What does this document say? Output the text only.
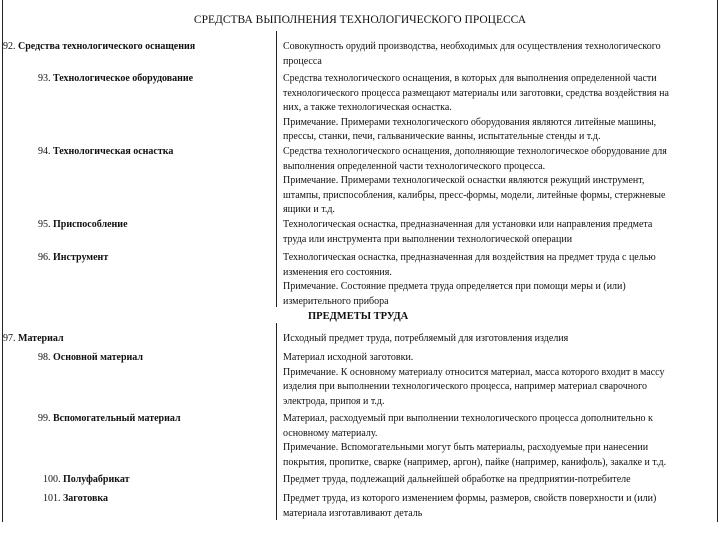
СРЕДСТВА ВЫПОЛНЕНИЯ ТЕХНОЛОГИЧЕСКОГО ПРОЦЕССА
ПРЕДМЕТЫ ТРУДА
92. Средства технологического оснащения	Совокупность орудий производства, необходимых для осуществления технологического
процесса
93. Технологическое оборудование	Средства технологического оснащения, в которых для выполнения определенной части
технологического процесса размещают материалы или заготовки, средства воздействия на
них, а также технологическая оснастка.
Примечание. Примерами технологического оборудования являются литейные машины,
прессы, станки, печи, гальванические ванны, испытательные стенды и т.д.
94. Технологическая оснастка	Средства технологического оснащения, дополняющие технологическое оборудование для
выполнения определенной части технологического процесса.
Примечание. Примерами технологической оснастки являются режущий инструмент,
штампы, приспособления, калибры, пресс-формы, модели, литейные формы, стержневые
ящики и т.д.
95. Приспособление	Технологическая оснастка, предназначенная для установки или направления предмета
труда или инструмента при выполнении технологической операции
96. Инструмент	Технологическая оснастка, предназначенная для воздействия на предмет труда с целью
изменения его состояния.
Примечание. Состояние предмета труда определяется при помощи меры и (или)
измерительного прибора
97. Материал	Исходный предмет труда, потребляемый для изготовления изделия
98. Основной материал	Материал исходной заготовки.
Примечание. К основному материалу относится материал, масса которого входит в массу
изделия при выполнении технологического процесса, например материал сварочного
электрода, припоя и т.д.
99. Вспомогательный материал	Материал, расходуемый при выполнении технологического процесса дополнительно к
основному материалу.
Примечание. Вспомогательными могут быть материалы, расходуемые при нанесении
покрытия, пропитке, сварке (например, аргон), пайке (например, канифоль), закалке и т.д.
100. Полуфабрикат	Предмет труда, подлежащий дальнейшей обработке на предприятии-потребителе
101. Заготовка	Предмет труда, из которого изменением формы, размеров, свойств поверхности и (или)
материала изготавливают деталь
